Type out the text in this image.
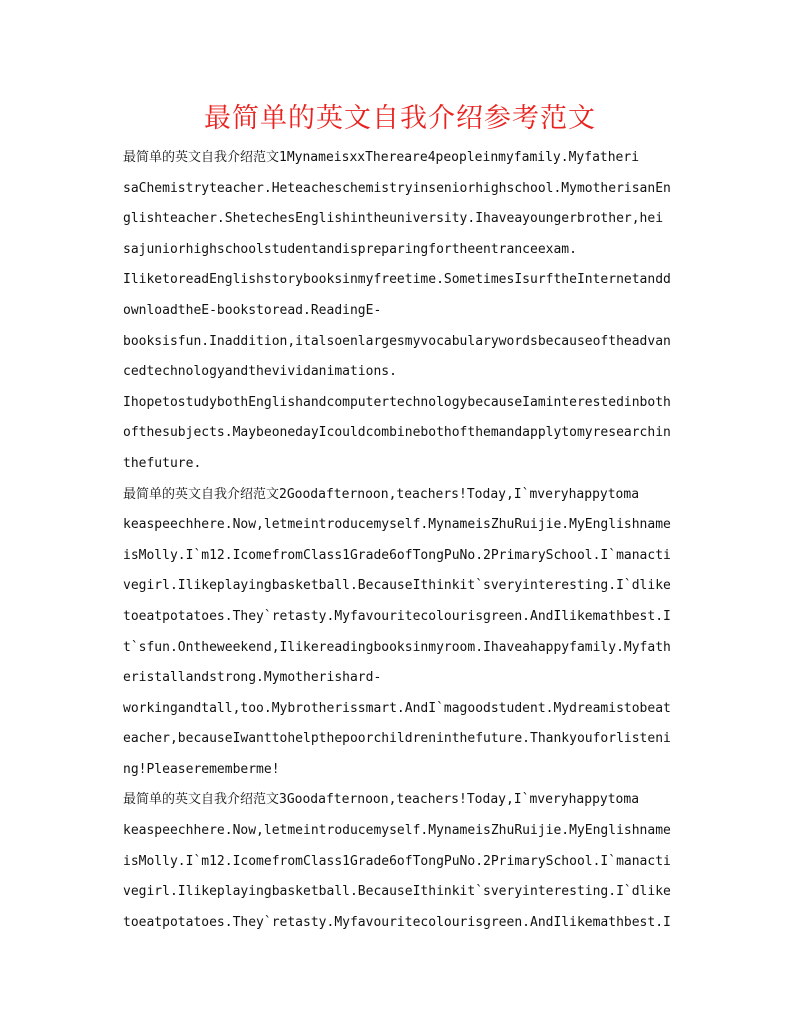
最简单的英文自我介绍参考范文
最简单的英文自我介绍范文1MynameisxxThereare4peopleinmyfamily.Myfatheri
saChemistryteacher.Heteacheschemistryinseniorhighschool.MymotherisanEn
glishteacher.ShetechesEnglishintheuniversity.Ihaveayoungerbrother,hei
sajuniorhighschoolstudentandispreparingfortheentranceexam.
IliketoreadEnglishstorybooksinmyfreetime.SometimesIsurftheInternetandd
ownloadtheE-bookstoread.ReadingE-
booksisfun.Inaddition,italsoenlargesmyvocabularywordsbecauseoftheadvan
cedtechnologyandthevividanimations.
IhopetostudybothEnglishandcomputertechnologybecauseIaminterestedinboth
ofthesubjects.MaybeonedayIcouldcombinebothofthemandapplytomyresearchin
thefuture.
最简单的英文自我介绍范文2Goodafternoon,teachers!Today,I`mveryhappytoma
keaspeechhere.Now,letmeintroducemyself.MynameisZhuRuijie.MyEnglishname
isMolly.I`m12.IcomefromClass1Grade6ofTongPuNo.2PrimarySchool.I`manacti
vegirl.Ilikeplayingbasketball.BecauseIthinkit`sveryinteresting.I`dlike
toeatpotatoes.They`retasty.Myfavouritecolourisgreen.AndIlikemathbest.I
t`sfun.Ontheweekend,Ilikereadingbooksinmyroom.Ihaveahappyfamily.Myfath
eristallandstrong.Mymotherishard-
workingandtall,too.Mybrotherissmart.AndI`magoodstudent.Mydreamistobeat
eacher,becauseIwanttohelpthepoorchildreninthefuture.Thankyouforlisteni
ng!Pleaserememberme!
最简单的英文自我介绍范文3Goodafternoon,teachers!Today,I`mveryhappytoma
keaspeechhere.Now,letmeintroducemyself.MynameisZhuRuijie.MyEnglishname
isMolly.I`m12.IcomefromClass1Grade6ofTongPuNo.2PrimarySchool.I`manacti
vegirl.Ilikeplayingbasketball.BecauseIthinkit`sveryinteresting.I`dlike
toeatpotatoes.They`retasty.Myfavouritecolourisgreen.AndIlikemathbest.I
